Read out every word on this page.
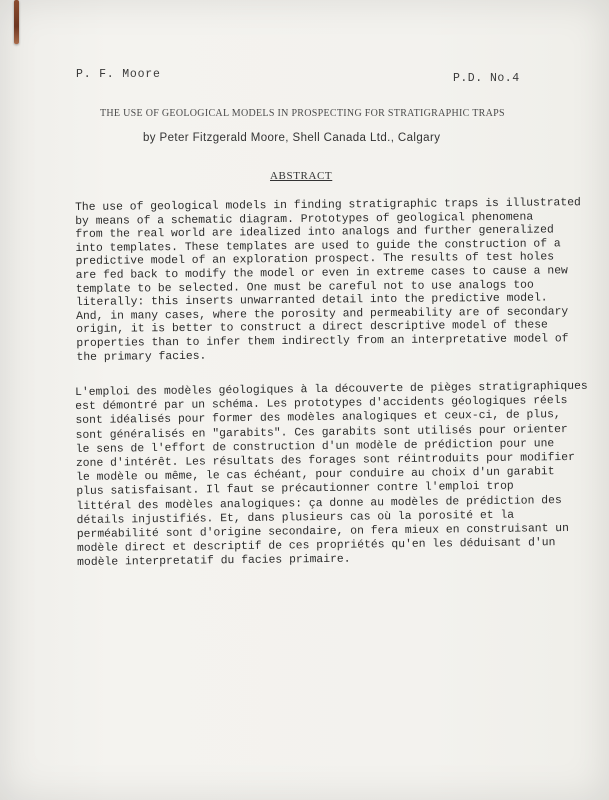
P. F. Moore	P.D. No.4
THE USE OF GEOLOGICAL MODELS IN PROSPECTING FOR STRATIGRAPHIC TRAPS
by Peter Fitzgerald Moore, Shell Canada Ltd., Calgary
ABSTRACT
The use of geological models in finding stratigraphic traps is illustrated
by means of a schematic diagram. Prototypes of geological phenomena
from the real world are idealized into analogs and further generalized
into templates. These templates are used to guide the construction of a
predictive model of an exploration prospect. The results of test holes
are fed back to modify the model or even in extreme cases to cause a new
template to be selected. One must be careful not to use analogs too
literally: this inserts unwarranted detail into the predictive model.
And, in many cases, where the porosity and permeability are of secondary
origin, it is better to construct a direct descriptive model of these
properties than to infer them indirectly from an interpretative model of
the primary facies.
L'emploi des modèles géologiques à la découverte de pièges stratigraphiques
est démontré par un schéma. Les prototypes d'accidents géologiques réels
sont idéalisés pour former des modèles analogiques et ceux-ci, de plus,
sont généralisés en "garabits". Ces garabits sont utilisés pour orienter
le sens de l'effort de construction d'un modèle de prédiction pour une
zone d'intérêt. Les résultats des forages sont réintroduits pour modifier
le modèle ou même, le cas échéant, pour conduire au choix d'un garabit
plus satisfaisant. Il faut se précautionner contre l'emploi trop
littéral des modèles analogiques: ça donne au modèles de prédiction des
détails injustifiés. Et, dans plusieurs cas où la porosité et la
perméabilité sont d'origine secondaire, on fera mieux en construisant un
modèle direct et descriptif de ces propriétés qu'en les déduisant d'un
modèle interpretatif du facies primaire.
